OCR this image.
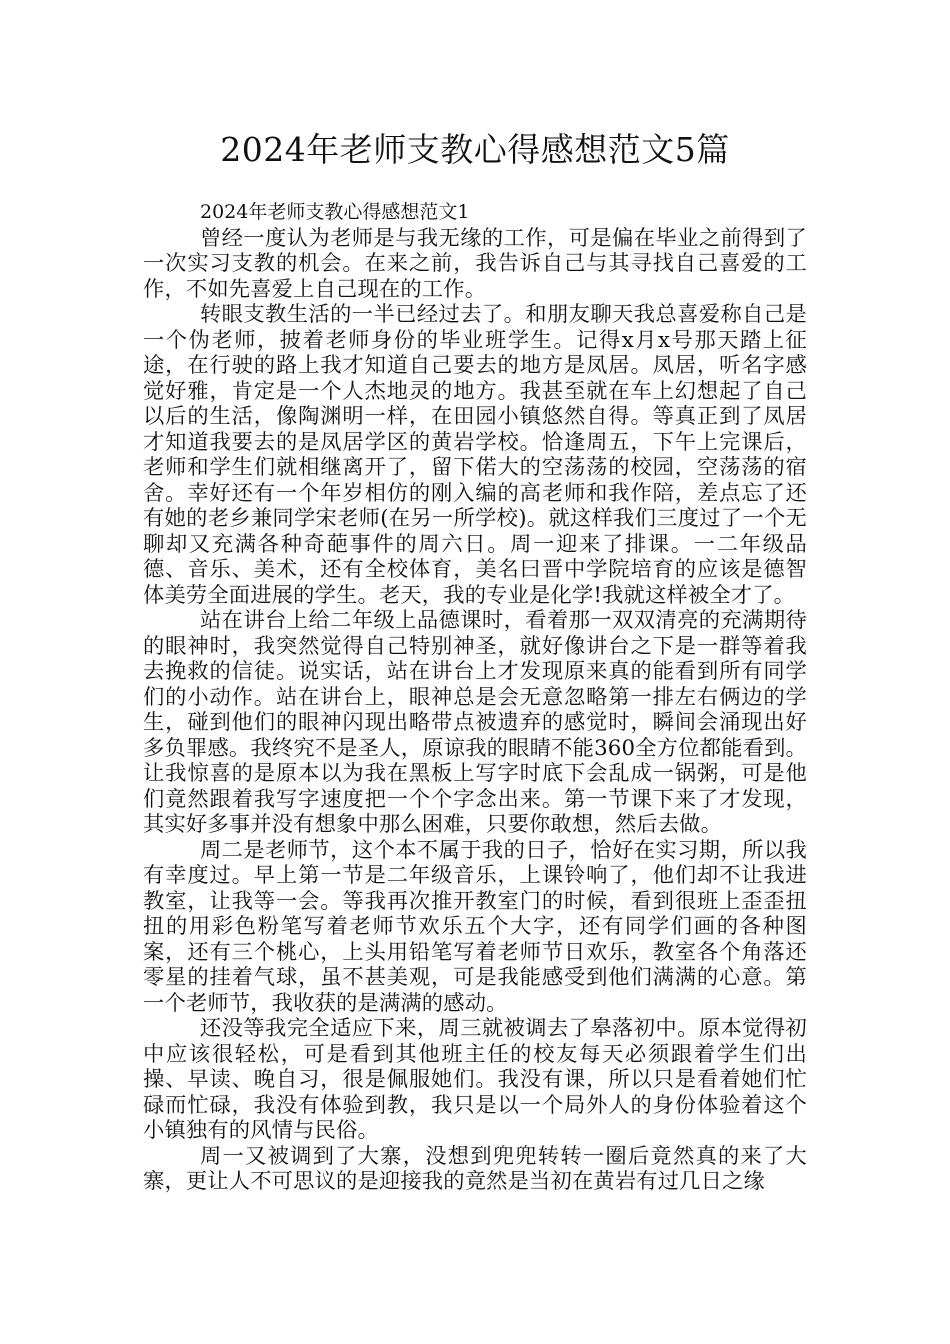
2024年老师支教心得感想范文5篇

2024年老师支教心得感想范文1

曾经一度认为老师是与我无缘的工作，可是偏在毕业之前得到了一次实习支教的机会。在来之前，我告诉自己与其寻找自己喜爱的工作，不如先喜爱上自己现在的工作。

转眼支教生活的一半已经过去了。和朋友聊天我总喜爱称自己是一个伪老师，披着老师身份的毕业班学生。记得x月x号那天踏上征途，在行驶的路上我才知道自己要去的地方是凤居。凤居，听名字感觉好雅，肯定是一个人杰地灵的地方。我甚至就在车上幻想起了自己以后的生活，像陶渊明一样，在田园小镇悠然自得。等真正到了凤居才知道我要去的是凤居学区的黄岩学校。恰逢周五，下午上完课后，老师和学生们就相继离开了，留下偌大的空荡荡的校园，空荡荡的宿舍。幸好还有一个年岁相仿的刚入编的高老师和我作陪，差点忘了还有她的老乡兼同学宋老师(在另一所学校)。就这样我们三度过了一个无聊却又充满各种奇葩事件的周六日。周一迎来了排课。一二年级品德、音乐、美术，还有全校体育，美名曰晋中学院培育的应该是德智体美劳全面进展的学生。老天，我的专业是化学!我就这样被全才了。

站在讲台上给二年级上品德课时，看着那一双双清亮的充满期待的眼神时，我突然觉得自己特别神圣，就好像讲台之下是一群等着我去挽救的信徒。说实话，站在讲台上才发现原来真的能看到所有同学们的小动作。站在讲台上，眼神总是会无意忽略第一排左右俩边的学生，碰到他们的眼神闪现出略带点被遗弃的感觉时，瞬间会涌现出好多负罪感。我终究不是圣人，原谅我的眼睛不能360全方位都能看到。让我惊喜的是原本以为我在黑板上写字时底下会乱成一锅粥，可是他们竟然跟着我写字速度把一个个字念出来。第一节课下来了才发现，其实好多事并没有想象中那么困难，只要你敢想，然后去做。

周二是老师节，这个本不属于我的日子，恰好在实习期，所以我有幸度过。早上第一节是二年级音乐，上课铃响了，他们却不让我进教室，让我等一会。等我再次推开教室门的时候，看到很班上歪歪扭扭的用彩色粉笔写着老师节欢乐五个大字，还有同学们画的各种图案，还有三个桃心，上头用铅笔写着老师节日欢乐，教室各个角落还零星的挂着气球，虽不甚美观，可是我能感受到他们满满的心意。第一个老师节，我收获的是满满的感动。

还没等我完全适应下来，周三就被调去了皋落初中。原本觉得初中应该很轻松，可是看到其他班主任的校友每天必须跟着学生们出操、早读、晚自习，很是佩服她们。我没有课，所以只是看着她们忙碌而忙碌，我没有体验到教，我只是以一个局外人的身份体验着这个小镇独有的风情与民俗。

周一又被调到了大寨，没想到兜兜转转一圈后竟然真的来了大寨，更让人不可思议的是迎接我的竟然是当初在黄岩有过几日之缘
